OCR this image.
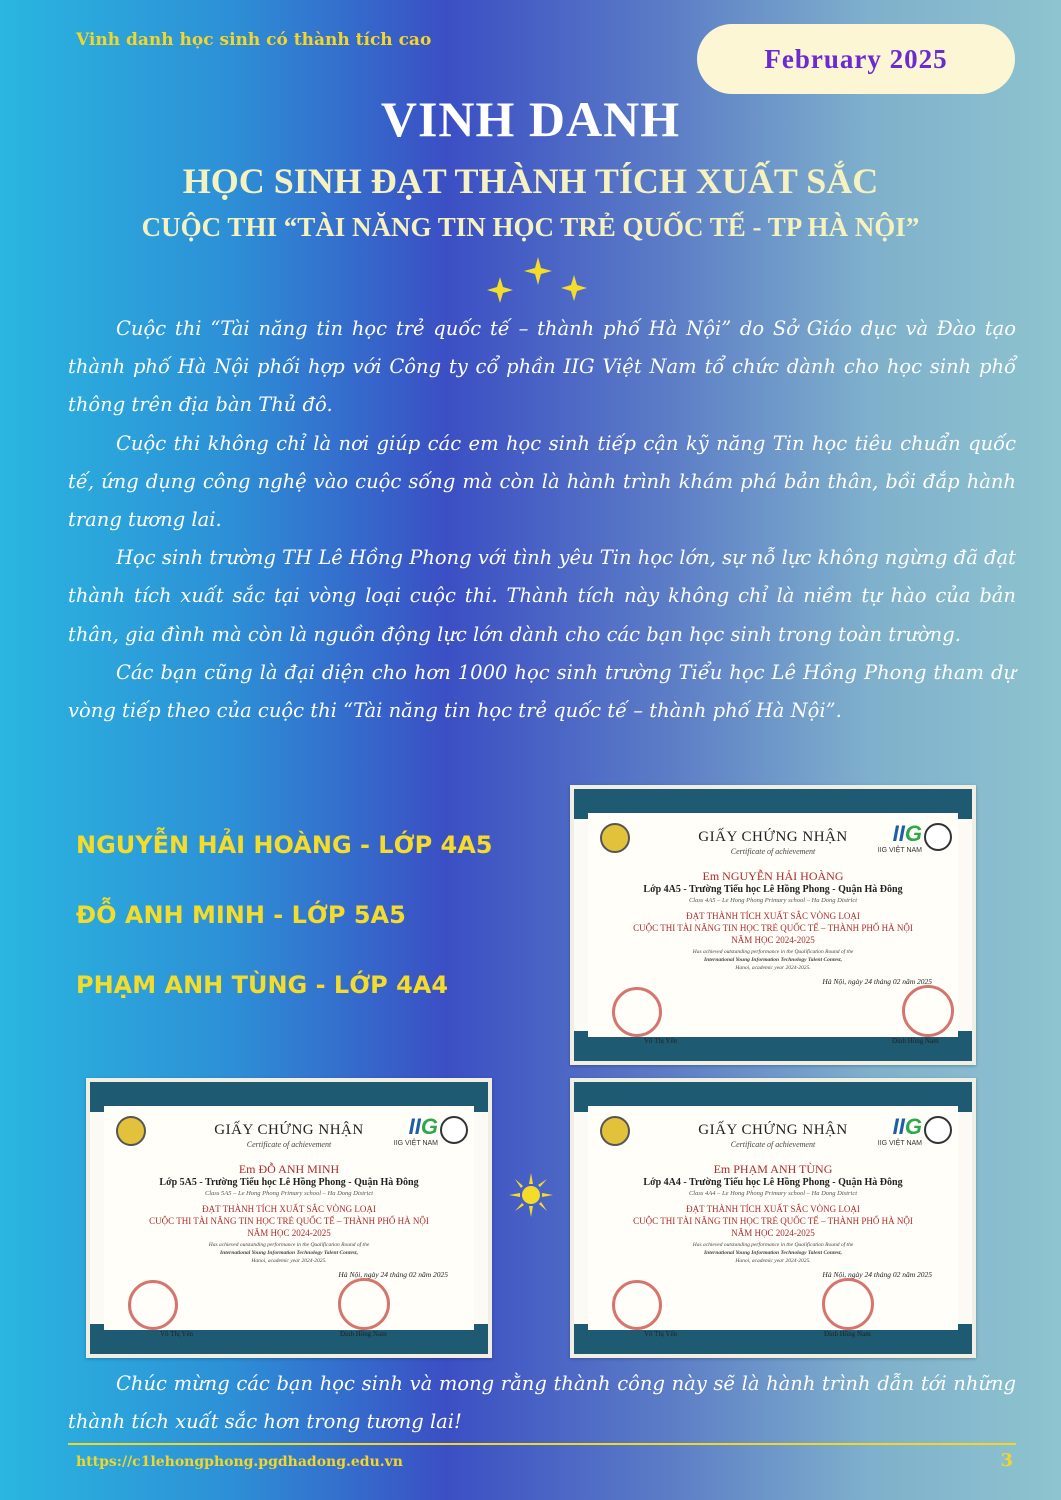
Vinh danh học sinh có thành tích cao
February 2025
VINH DANH
HỌC SINH ĐẠT THÀNH TÍCH XUẤT SẮC
CUỘC THI “TÀI NĂNG TIN HỌC TRẺ QUỐC TẾ - TP HÀ NỘI”

Cuộc thi “Tài năng tin học trẻ quốc tế – thành phố Hà Nội” do Sở Giáo dục và Đào tạo thành phố Hà Nội phối hợp với Công ty cổ phần IIG Việt Nam tổ chức dành cho học sinh phổ thông trên địa bàn Thủ đô.

Cuộc thi không chỉ là nơi giúp các em học sinh tiếp cận kỹ năng Tin học tiêu chuẩn quốc tế, ứng dụng công nghệ vào cuộc sống mà còn là hành trình khám phá bản thân, bồi đắp hành trang tương lai.

Học sinh trường TH Lê Hồng Phong với tình yêu Tin học lớn, sự nỗ lực không ngừng đã đạt thành tích xuất sắc tại vòng loại cuộc thi. Thành tích này không chỉ là niềm tự hào của bản thân, gia đình mà còn là nguồn động lực lớn dành cho các bạn học sinh trong toàn trường.

Các bạn cũng là đại diện cho hơn 1000 học sinh trường Tiểu học Lê Hồng Phong tham dự vòng tiếp theo của cuộc thi “Tài năng tin học trẻ quốc tế – thành phố Hà Nội”.

NGUYỄN HẢI HOÀNG - LỚP 4A5
ĐỖ ANH MINH - LỚP 5A5
PHẠM ANH TÙNG - LỚP 4A4
IIG
IIG VIỆT NAM
GIẤY CHỨNG NHẬN
Certificate of achievement
Em NGUYỄN HẢI HOÀNG
Lớp 4A5 - Trường Tiểu học Lê Hồng Phong - Quận Hà Đông
Class 4A5 – Le Hong Phong Primary school – Ha Dong District
ĐẠT THÀNH TÍCH XUẤT SẮC VÒNG LOẠI
CUỘC THI TÀI NĂNG TIN HỌC TRẺ QUỐC TẾ – THÀNH PHỐ HÀ NỘI
NĂM HỌC 2024-2025
Has achieved outstanding performance in the Qualification Round of the
International Young Information Technology Talent Contest,
Hanoi, academic year 2024-2025.
Hà Nội, ngày 24 tháng 02 năm 2025
Võ Thị Yến	Đinh Hồng Nam
IIG
IIG VIỆT NAM
GIẤY CHỨNG NHẬN
Certificate of achievement
Em ĐỖ ANH MINH
Lớp 5A5 - Trường Tiểu học Lê Hồng Phong - Quận Hà Đông
Class 5A5 – Le Hong Phong Primary school – Ha Dong District
ĐẠT THÀNH TÍCH XUẤT SẮC VÒNG LOẠI
CUỘC THI TÀI NĂNG TIN HỌC TRẺ QUỐC TẾ – THÀNH PHỐ HÀ NỘI
NĂM HỌC 2024-2025
Has achieved outstanding performance in the Qualification Round of the
International Young Information Technology Talent Contest,
Hanoi, academic year 2024-2025.
Hà Nội, ngày 24 tháng 02 năm 2025
Võ Thị Yến	Đinh Hồng Nam
IIG
IIG VIỆT NAM
GIẤY CHỨNG NHẬN
Certificate of achievement
Em PHẠM ANH TÙNG
Lớp 4A4 - Trường Tiểu học Lê Hồng Phong - Quận Hà Đông
Class 4A4 – Le Hong Phong Primary school – Ha Dong District
ĐẠT THÀNH TÍCH XUẤT SẮC VÒNG LOẠI
CUỘC THI TÀI NĂNG TIN HỌC TRẺ QUỐC TẾ – THÀNH PHỐ HÀ NỘI
NĂM HỌC 2024-2025
Has achieved outstanding performance in the Qualification Round of the
International Young Information Technology Talent Contest,
Hanoi, academic year 2024-2025.
Hà Nội, ngày 24 tháng 02 năm 2025
Võ Thị Yến	Đinh Hồng Nam

Chúc mừng các bạn học sinh và mong rằng thành công này sẽ là hành trình dẫn tới những thành tích xuất sắc hơn trong tương lai!

https://c1lehongphong.pgdhadong.edu.vn	3
